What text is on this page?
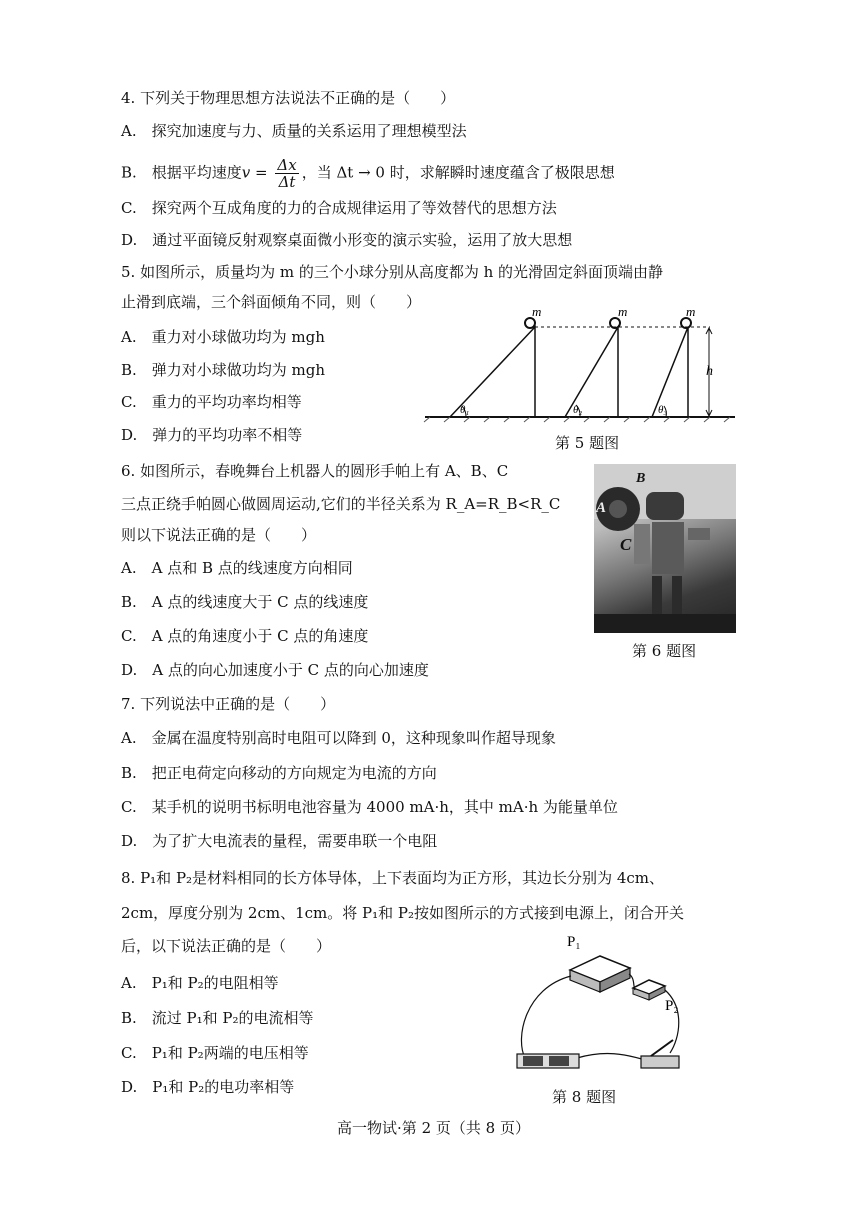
4. 下列关于物理思想方法说法不正确的是（　　）
A.　探究加速度与力、质量的关系运用了理想模型法
B.　根据平均速度$v = \frac{\Delta x}{\Delta t}$ ，当 Δt → 0 时，求解瞬时速度蕴含了极限思想
C.　探究两个互成角度的力的合成规律运用了等效替代的思想方法
D.　通过平面镜反射观察桌面微小形变的演示实验，运用了放大思想
5. 如图所示，质量均为 m 的三个小球分别从高度都为 h 的光滑固定斜面顶端由静
止滑到底端，三个斜面倾角不同，则（　　）
A.　重力对小球做功均为 mgh
B.　弹力对小球做功均为 mgh
C.　重力的平均功率均相等
D.　弹力的平均功率不相等
m	m	m
h
θ₁	θ₂	θ₃
第 5 题图
6. 如图所示，春晚舞台上机器人的圆形手帕上有 A、B、C
三点正绕手帕圆心做圆周运动,它们的半径关系为 R_A=R_B<R_C
则以下说法正确的是（　　）
A.　A 点和 B 点的线速度方向相同
B.　A 点的线速度大于 C 点的线速度
C.　A 点的角速度小于 C 点的角速度
D.　A 点的向心加速度小于 C 点的向心加速度
A
B
C
第 6 题图
7. 下列说法中正确的是（　　）
A.　金属在温度特别高时电阻可以降到 0，这种现象叫作超导现象
B.　把正电荷定向移动的方向规定为电流的方向
C.　某手机的说明书标明电池容量为 4000 mA·h，其中 mA·h 为能量单位
D.　为了扩大电流表的量程，需要串联一个电阻
8. P₁和 P₂是材料相同的长方体导体，上下表面均为正方形，其边长分别为 4cm、
2cm，厚度分别为 2cm、1cm。将 P₁和 P₂按如图所示的方式接到电源上，闭合开关
后，以下说法正确的是（　　）
A.　P₁和 P₂的电阻相等
B.　流过 P₁和 P₂的电流相等
C.　P₁和 P₂两端的电压相等
D.　P₁和 P₂的电功率相等
P₁
P₂
第 8 题图
高一物试·第 2 页（共 8 页）
